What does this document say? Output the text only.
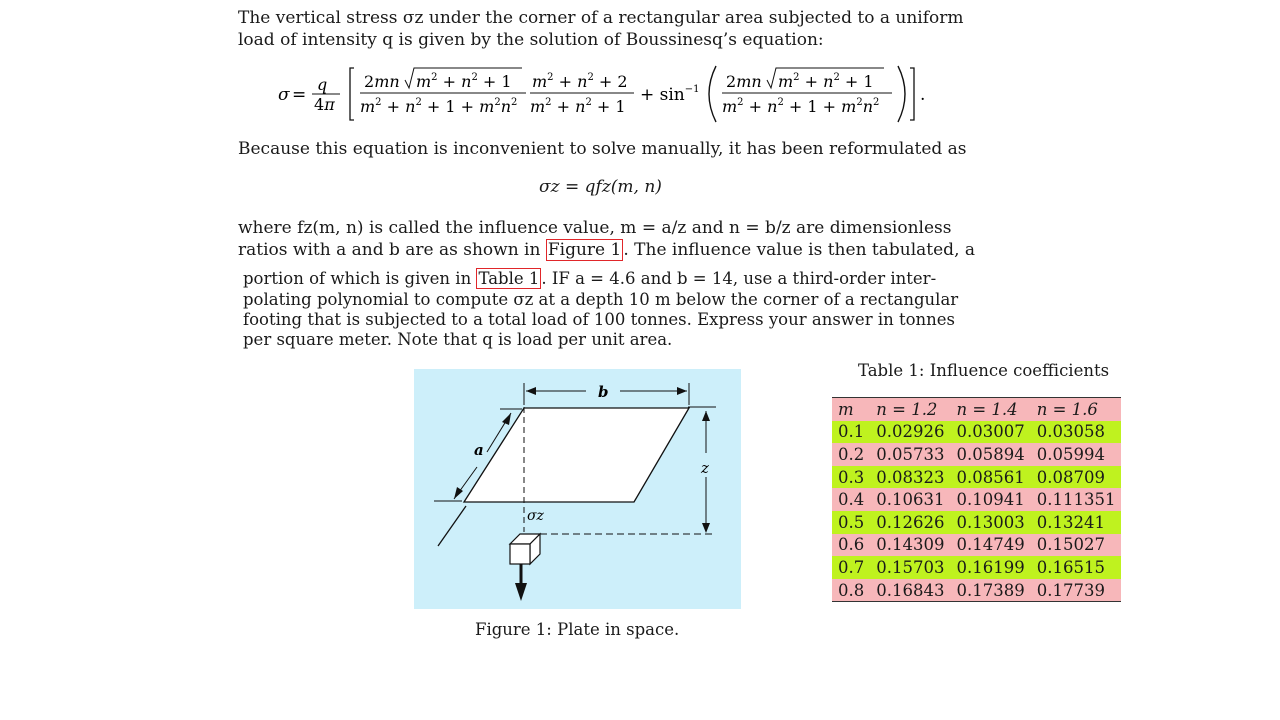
The vertical stress σz under the corner of a rectangular area subjected to a uniform
load of intensity q is given by the solution of Boussinesq’s equation:
σ =
q
4π
2mn $m^2 + n^2 + 1$
$m^2 + n^2 + 1 + m^2n^2$
$m^2 + n^2 + 2$
$m^2 + n^2 + 1$
+ $\sin^{-1} 2mn$ $m^2 + n^2 + 1$
$m^2 + n^2 + 1 + m^2n^2$ .
Because this equation is inconvenient to solve manually, it has been reformulated as
σz = qfz(m, n)
where fz(m, n) is called the influence value, m = a/z and n = b/z are dimensionless
ratios with a and b are as shown in Figure 1 . The influence value is then tabulated, a
portion of which is given in Table 1 . IF a = 4.6 and b = 14, use a third-order inter-
polating polynomial to compute σz at a depth 10 m below the corner of a rectangular
footing that is subjected to a total load of 100 tonnes. Express your answer in tonnes
per square meter. Note that q is load per unit area.
b
a
z
σz
Figure 1: Plate in space.
Table 1: Influence coefficients
m	n = 1.2	n = 1.4	n = 1.6
0.1	0.02926	0.03007	0.03058
0.2	0.05733	0.05894	0.05994
0.3	0.08323	0.08561	0.08709
0.4	0.10631	0.10941	0.111351
0.5	0.12626	0.13003	0.13241
0.6	0.14309	0.14749	0.15027
0.7	0.15703	0.16199	0.16515
0.8	0.16843	0.17389	0.17739
